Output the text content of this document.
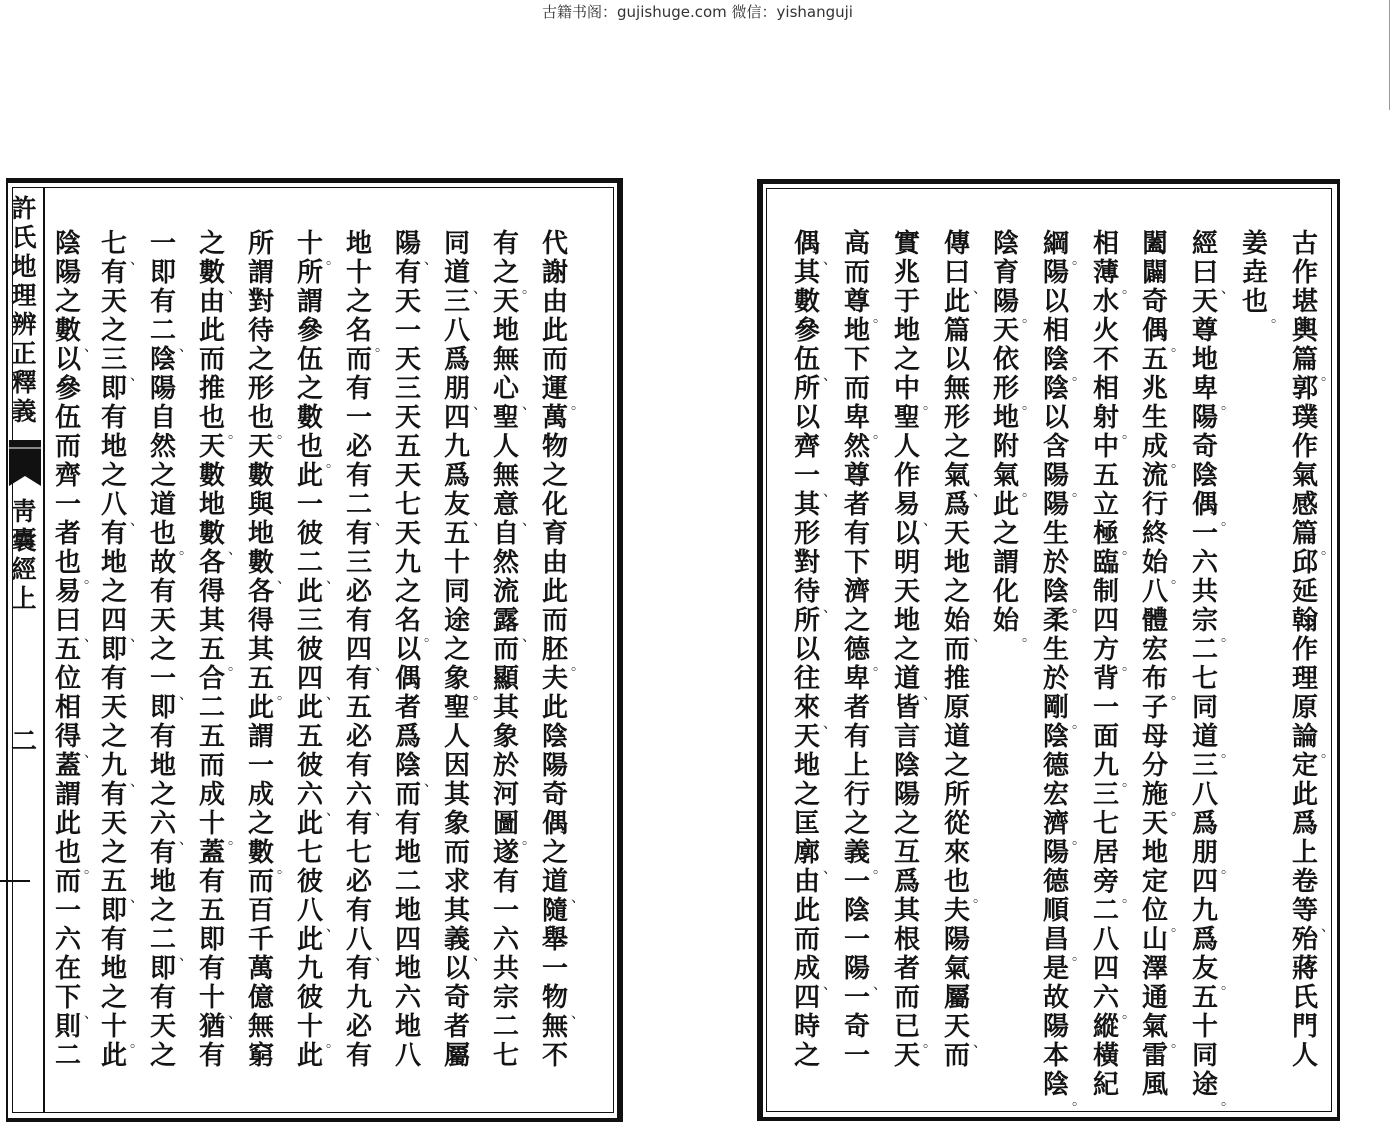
古籍书阁：gujishuge.com 微信：yishanguji
古
作
堪
輿
篇
。
郭
璞
作
氣
感
篇
。
邱
延
翰
作
理
原
論
。
定
此
爲
上
卷
等
、
殆
蔣
氏
門
人
姜
垚
也
。
經
曰
、
天
尊
地
卑
。
陽
奇
陰
偶
。
一
六
共
宗
。
二
七
同
道
。
三
八
爲
朋
。
四
九
爲
友
。
五
十
同
途
。
闔
闢
奇
偶
。
五
兆
生
成
。
流
行
終
始
。
八
體
宏
布
。
子
母
分
施
。
天
地
定
位
。
山
澤
通
氣
。
雷
風
相
薄
。
水
火
不
相
射
。
中
五
立
極
。
臨
制
四
方
。
背
一
面
九
。
三
七
居
旁
。
二
八
四
六
。
縱
橫
紀
綱
。
陽
以
相
陰
。
陰
以
含
陽
。
陽
生
於
陰
。
柔
生
於
剛
。
陰
德
宏
濟
。
陽
德
順
昌
。
是
故
陽
本
陰
。
陰
育
陽
。
天
依
形
。
地
附
氣
。
此
之
謂
化
始
。
傳
曰
、
此
篇
以
無
形
之
氣
、
爲
天
地
之
始
、
而
推
原
道
之
所
從
來
也
。
夫
陽
氣
屬
天
、
而
實
兆
于
地
之
中
。
聖
人
作
易
、
以
明
天
地
之
道
、
皆
言
陰
陽
之
互
爲
其
根
者
而
已
。
天
高
而
尊
。
地
下
而
卑
。
然
尊
者
有
下
濟
之
德
。
卑
者
有
上
行
之
義
。
一
陰
一
陽
、
一
奇
一
偶
、
其
數
參
伍
、
所
以
齊
一
、
其
形
對
待
、
所
以
往
來
、
天
地
之
匡
廓
、
由
此
而
成
、
四
時
之
代
謝
由
此
而
運
。
萬
物
之
化
育
由
此
而
胚
。
夫
此
陰
陽
奇
偶
之
道
、
隨
舉
一
物
、
無
不
有
之
。
天
地
無
心
、
聖
人
無
意
、
自
然
流
露
、
而
顯
其
象
於
河
圖
。
遂
有
一
六
共
宗
二
七
同
道
、
三
八
爲
朋
、
四
九
爲
友
、
五
十
同
途
之
象
。
聖
人
因
其
象
而
求
其
義
、
以
奇
者
屬
陽
、
有
天
一
天
三
天
五
天
七
天
九
之
名
。
以
偶
者
爲
陰
、
而
有
地
二
地
四
地
六
地
八
地
十
之
名
。
而
有
一
必
有
二
、
有
三
必
有
四
、
有
五
必
有
六
、
有
七
必
有
八
、
有
九
必
有
十
。
所
謂
參
伍
之
數
也
。
此
一
彼
二
、
此
三
彼
四
、
此
五
彼
六
、
此
七
彼
八
、
此
九
彼
十
。
此
所
謂
對
待
之
形
也
。
天
數
與
地
數
、
各
得
其
五
。
此
謂
一
成
之
數
。
而
百
千
萬
億
無
窮
之
數
、
由
此
而
推
也
。
天
數
地
數
、
各
得
其
五
。
合
二
五
而
成
十
。
蓋
有
五
即
有
十
、
猶
有
一
即
有
二
、
陰
陽
自
然
之
道
也
。
故
有
天
之
一
、
即
有
地
之
六
、
有
地
之
二
、
即
有
天
之
七
、
有
天
之
三
、
即
有
地
之
八
、
有
地
之
四
、
即
有
天
之
九
、
有
天
之
五
、
即
有
地
之
十
。
此
陰
陽
之
數
、
以
參
伍
而
齊
一
者
也
。
易
曰
、
五
位
相
得
、
蓋
謂
此
也
。
而
一
六
在
下
、
則
二
許
氏
地
理
辨
正
釋
義
靑
囊
經
上
二
